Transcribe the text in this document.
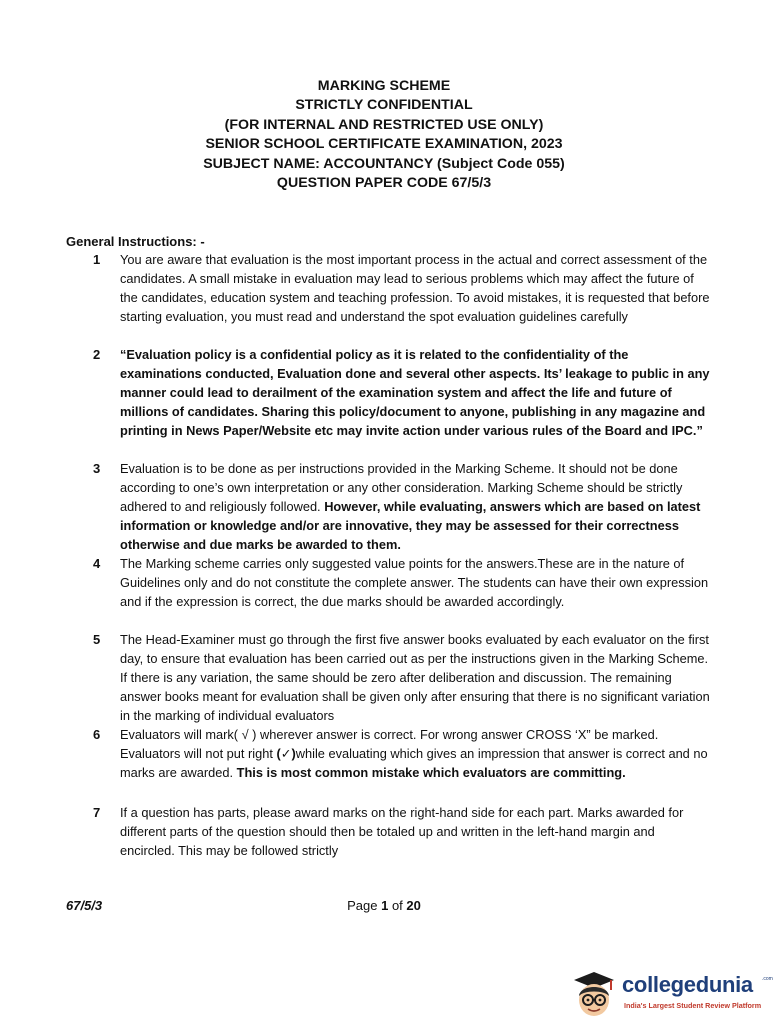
MARKING SCHEME
STRICTLY CONFIDENTIAL
(FOR INTERNAL AND RESTRICTED USE ONLY)
SENIOR SCHOOL CERTIFICATE EXAMINATION, 2023
SUBJECT NAME: ACCOUNTANCY (Subject Code 055)
QUESTION PAPER CODE 67/5/3
General Instructions: -
1 You are aware that evaluation is the most important process in the actual and correct assessment of the candidates. A small mistake in evaluation may lead to serious problems which may affect the future of the candidates, education system and teaching profession. To avoid mistakes, it is requested that before starting evaluation, you must read and understand the spot evaluation guidelines carefully
2 “Evaluation policy is a confidential policy as it is related to the confidentiality of the examinations conducted, Evaluation done and several other aspects. Its’ leakage to public in any manner could lead to derailment of the examination system and affect the life and future of millions of candidates. Sharing this policy/document to anyone, publishing in any magazine and printing in News Paper/Website etc may invite action under various rules of the Board and IPC.”
3 Evaluation is to be done as per instructions provided in the Marking Scheme. It should not be done according to one’s own interpretation or any other consideration. Marking Scheme should be strictly adhered to and religiously followed. However, while evaluating, answers which are based on latest information or knowledge and/or are innovative, they may be assessed for their correctness otherwise and due marks be awarded to them.
4 The Marking scheme carries only suggested value points for the answers.These are in the nature of Guidelines only and do not constitute the complete answer. The students can have their own expression and if the expression is correct, the due marks should be awarded accordingly.
5 The Head-Examiner must go through the first five answer books evaluated by each evaluator on the first day, to ensure that evaluation has been carried out as per the instructions given in the Marking Scheme. If there is any variation, the same should be zero after deliberation and discussion. The remaining answer books meant for evaluation shall be given only after ensuring that there is no significant variation in the marking of individual evaluators
6 Evaluators will mark( √ ) wherever answer is correct. For wrong answer CROSS ‘X” be marked. Evaluators will not put right (✓)while evaluating which gives an impression that answer is correct and no marks are awarded. This is most common mistake which evaluators are committing.
7 If a question has parts, please award marks on the right-hand side for each part. Marks awarded for different parts of the question should then be totaled up and written in the left-hand margin and encircled. This may be followed strictly
67/5/3	Page 1 of 20
collegedunia .com
India's Largest Student Review Platform
